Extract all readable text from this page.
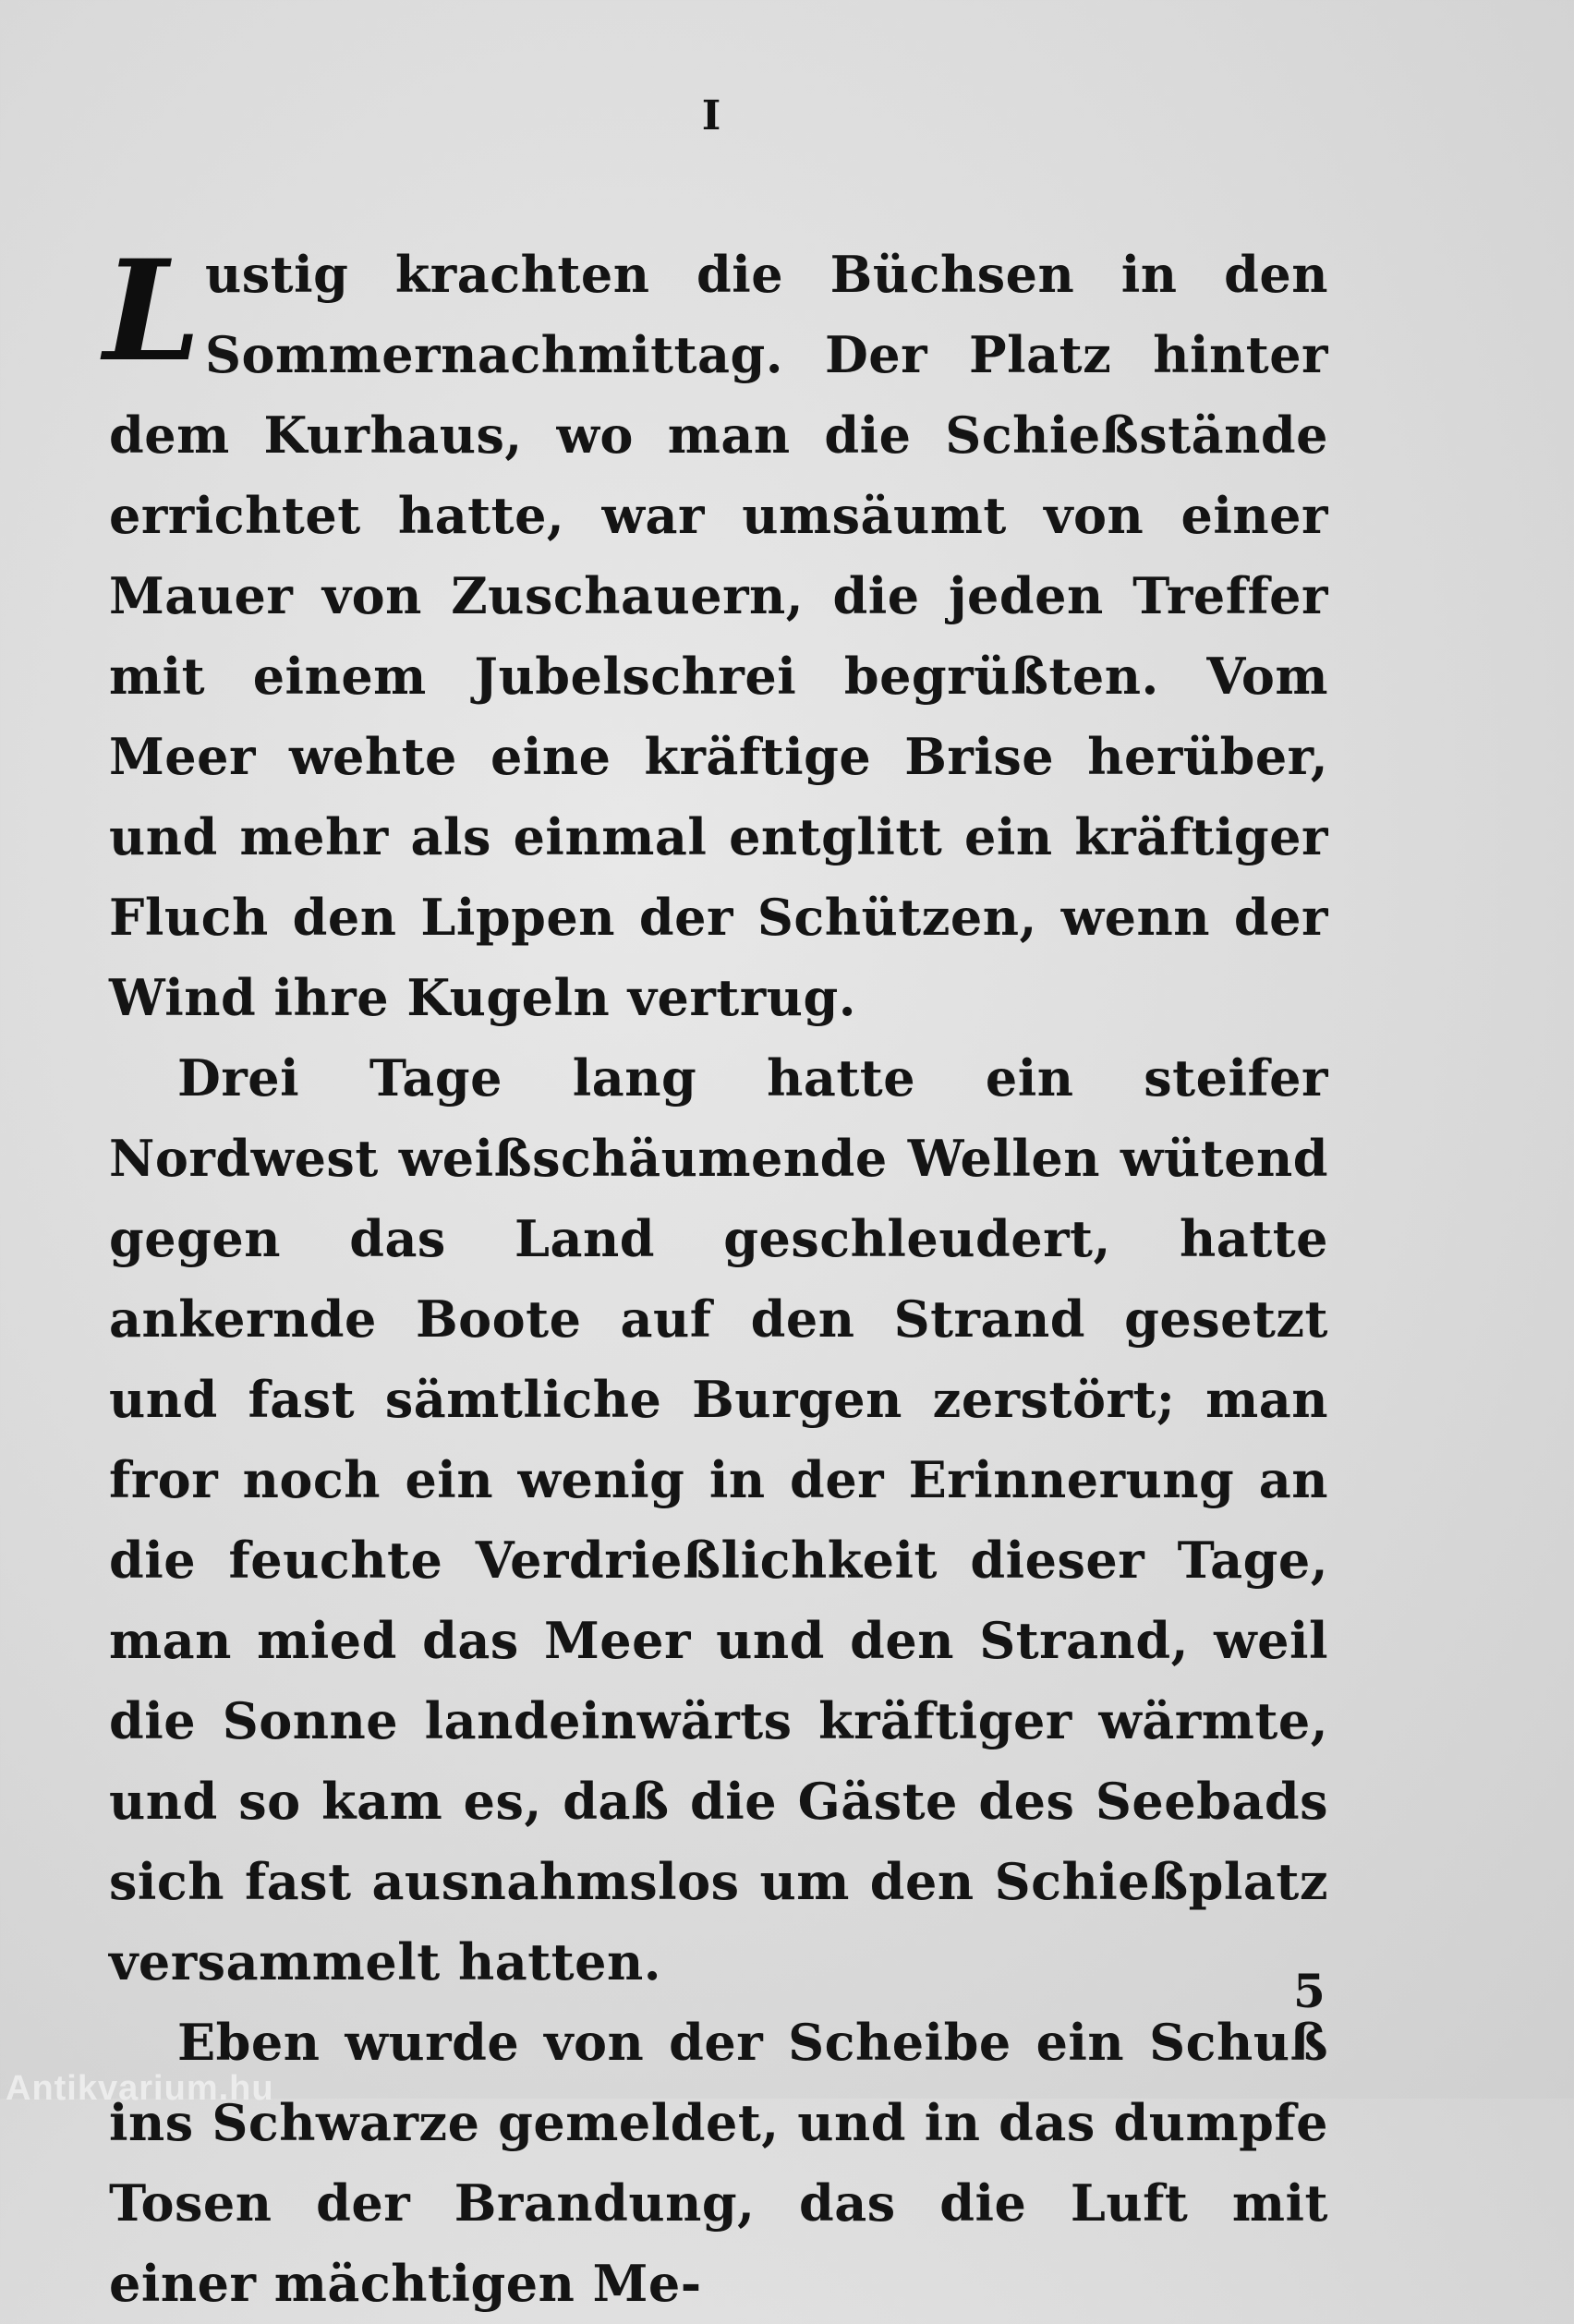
I

Lustig krachten die Büchsen in den Sommernachmittag. Der Platz hinter dem Kurhaus, wo man die Schießstände errichtet hatte, war umsäumt von einer Mauer von Zuschauern, die jeden Treffer mit einem Jubelschrei begrüßten. Vom Meer wehte eine kräftige Brise herüber, und mehr als einmal entglitt ein kräftiger Fluch den Lippen der Schützen, wenn der Wind ihre Kugeln vertrug.

Drei Tage lang hatte ein steifer Nordwest weißschäumende Wellen wütend gegen das Land geschleudert, hatte ankernde Boote auf den Strand gesetzt und fast sämtliche Burgen zerstört; man fror noch ein wenig in der Erinnerung an die feuchte Verdrießlichkeit dieser Tage, man mied das Meer und den Strand, weil die Sonne landeinwärts kräftiger wärmte, und so kam es, daß die Gäste des Seebads sich fast ausnahmslos um den Schießplatz versammelt hatten.

Eben wurde von der Scheibe ein Schuß ins Schwarze gemeldet, und in das dumpfe Tosen der Brandung, das die Luft mit einer mächtigen Me-

5
Antikvarium.hu
